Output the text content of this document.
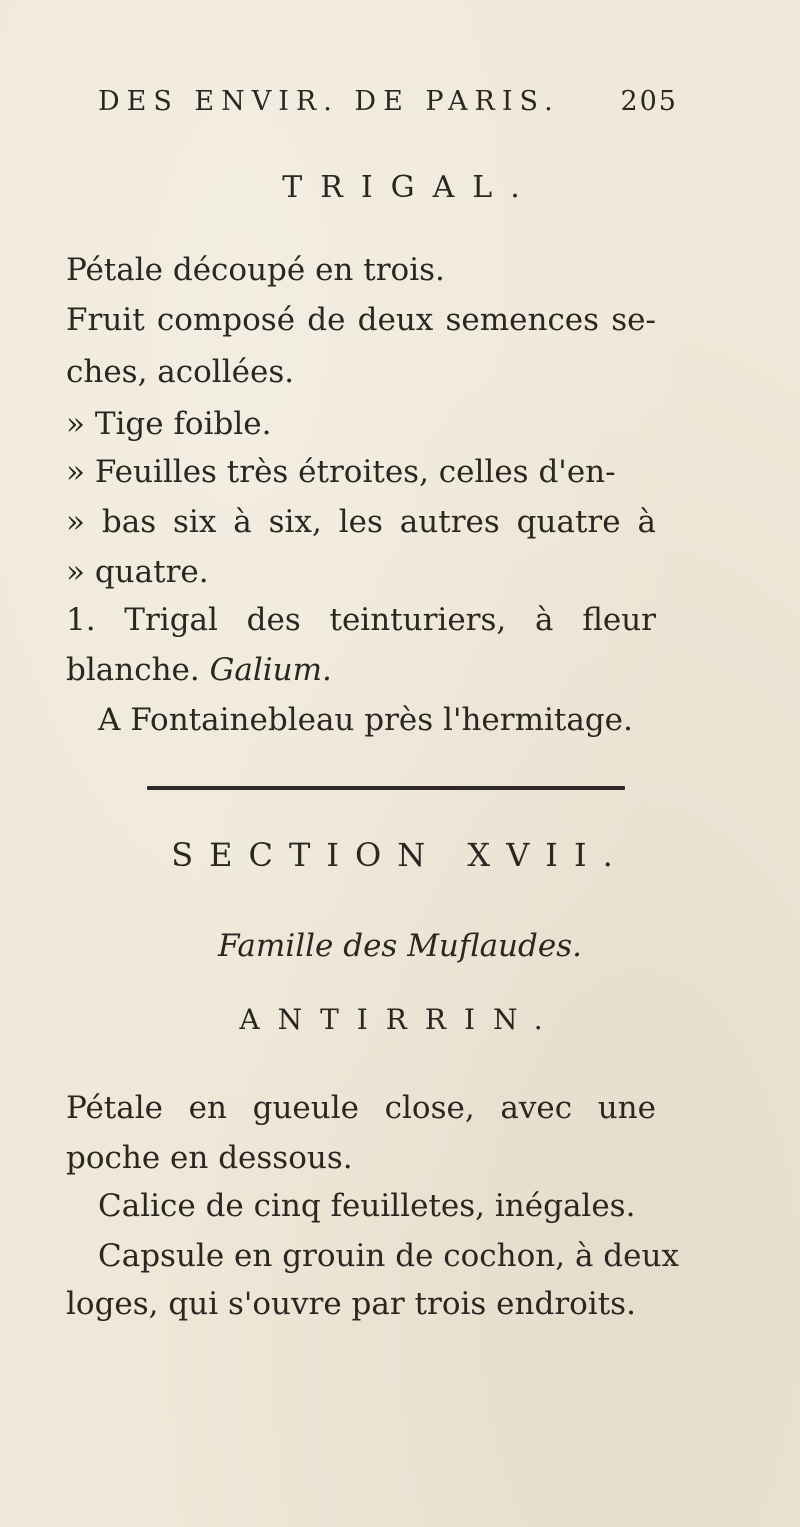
DES ENVIR. DE PARIS. 205
TRIGAL.
Pétale découpé en trois.
Fruit composé de deux semences se-
ches, acollées.
» Tige foible.
» Feuilles très étroites, celles d'en-
» bas six à six, les autres quatre à
» quatre.
1. Trigal des teinturiers, à fleur
blanche. Galium.
A Fontainebleau près l'hermitage.
SECTION XVII.
Famille des Muflaudes.
ANTIRRIN.
Pétale en gueule close, avec une
poche en dessous.
Calice de cinq feuilletes, inégales.
Capsule en grouin de cochon, à deux
loges, qui s'ouvre par trois endroits.
